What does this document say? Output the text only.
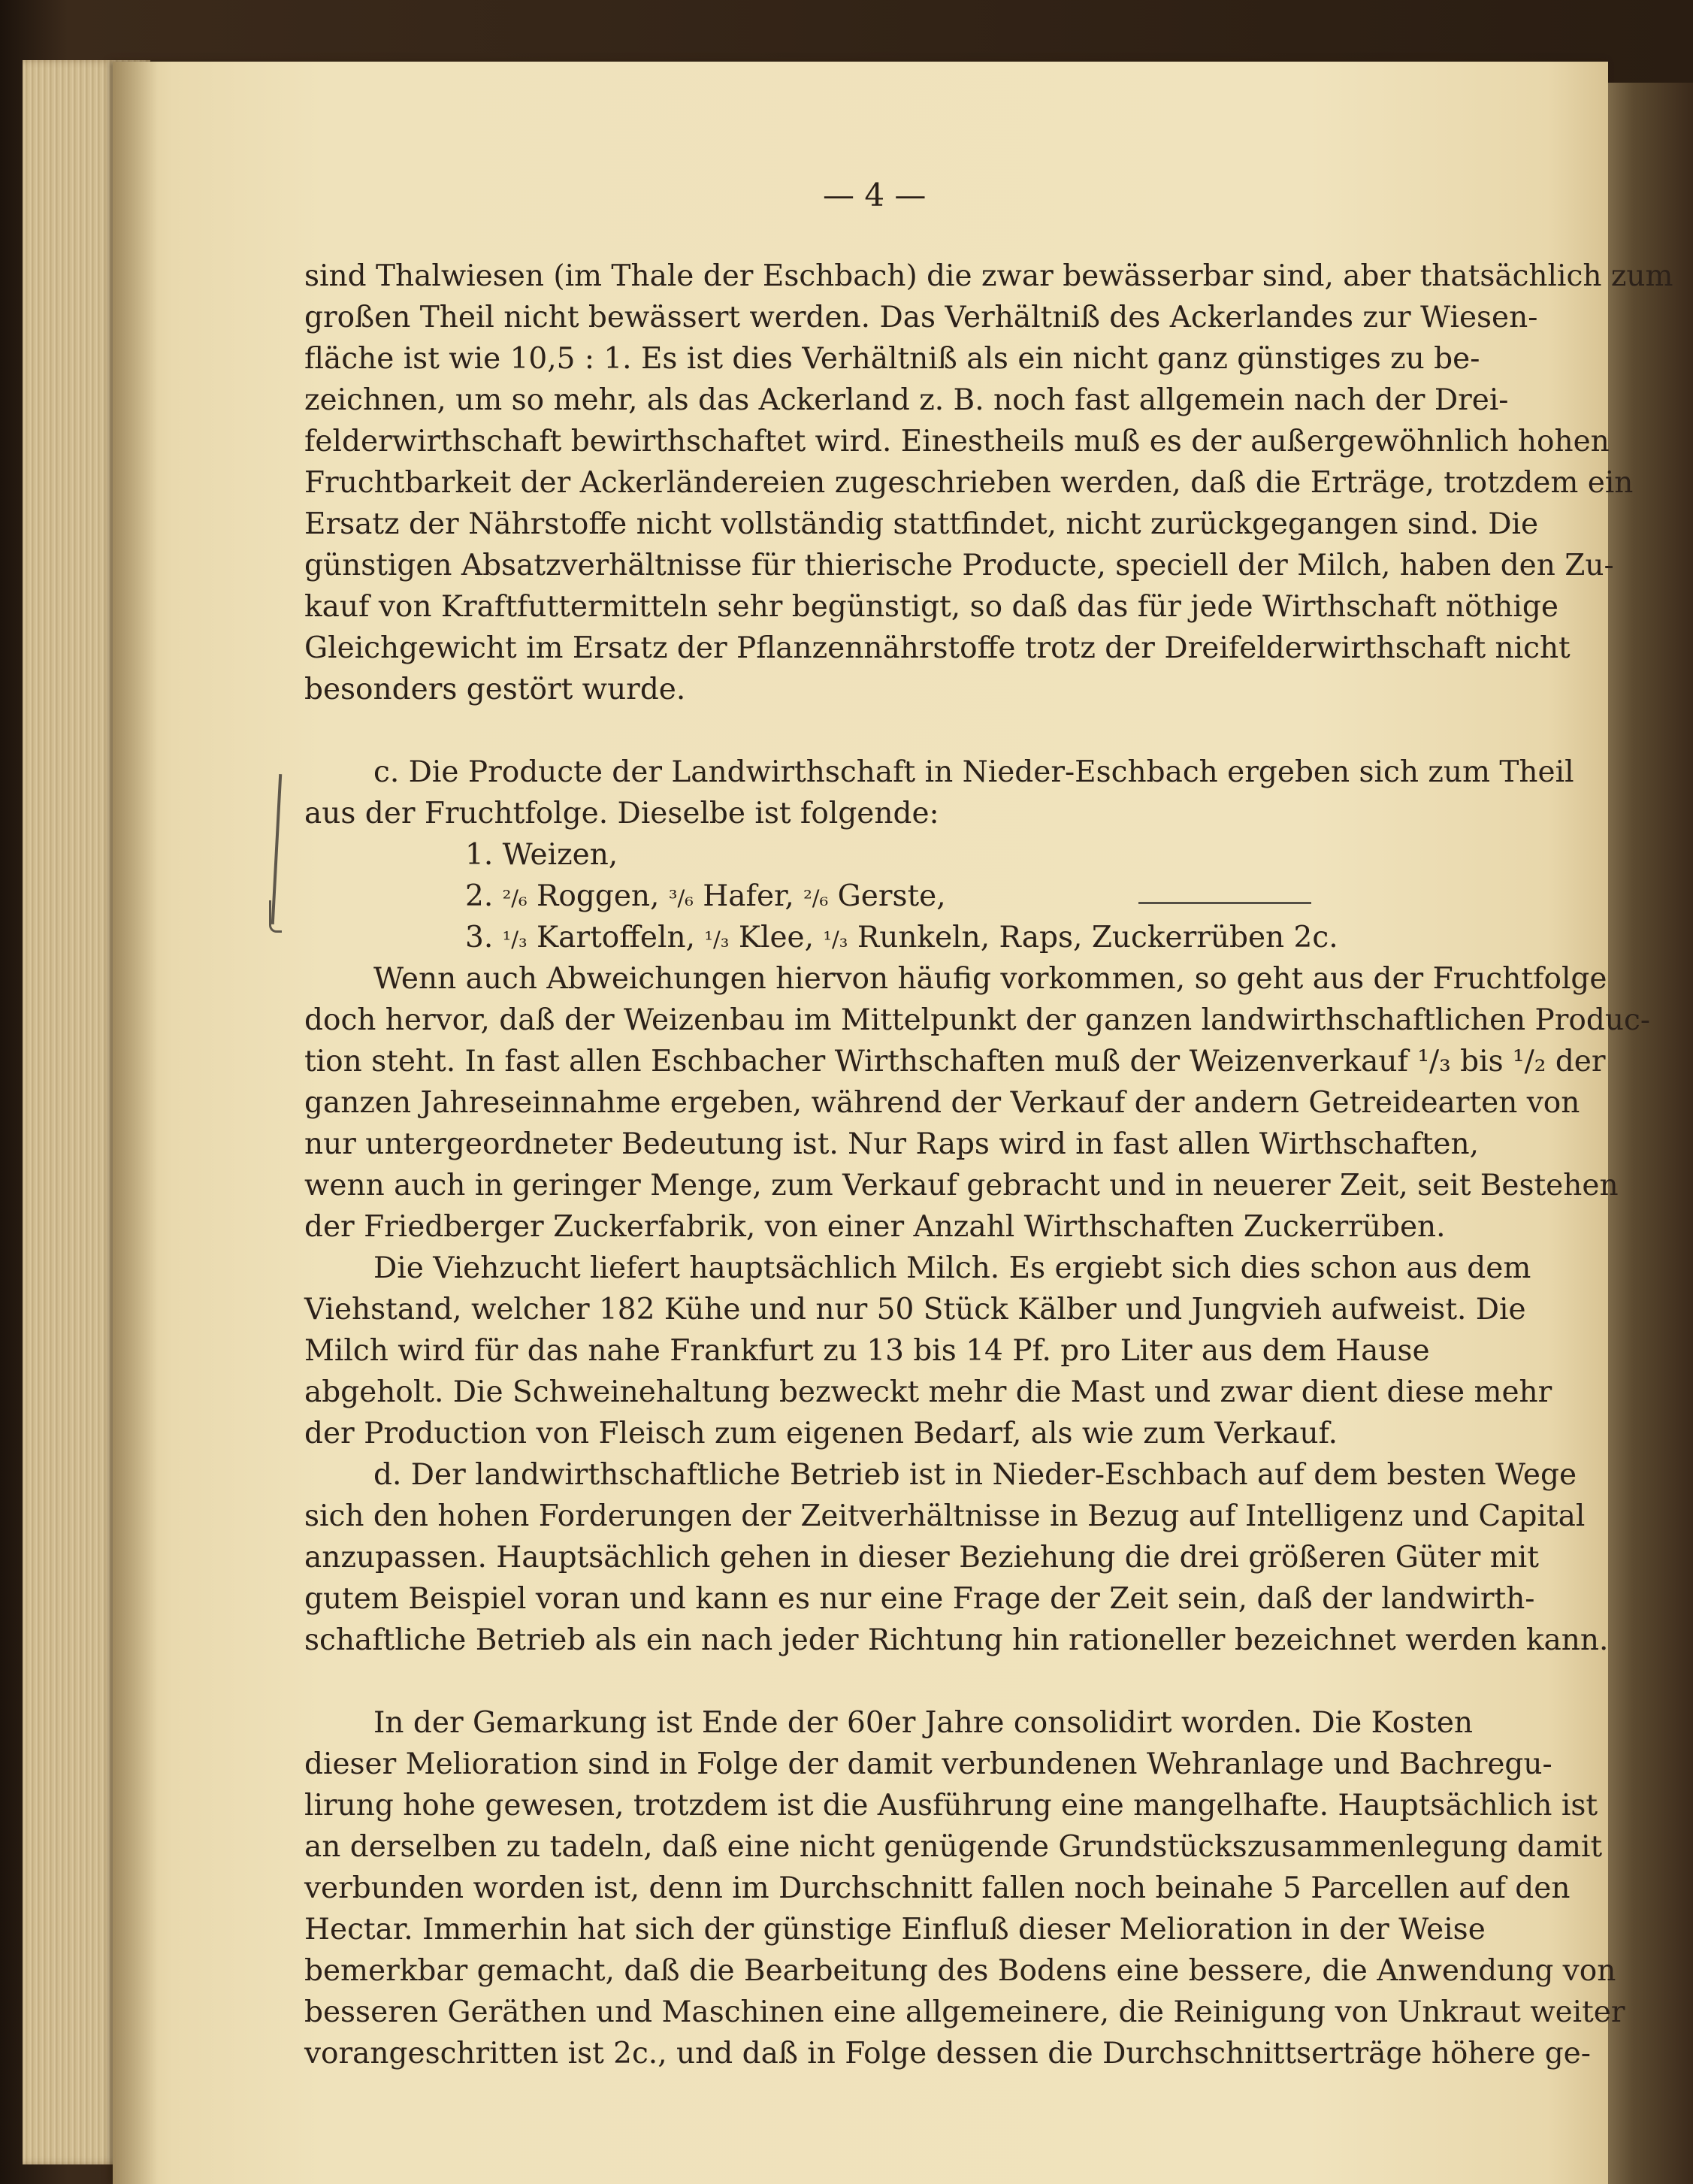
— 4 —
sind Thalwiesen (im Thale der Eschbach) die zwar bewässerbar sind, aber thatsächlich zum
großen Theil nicht bewässert werden. Das Verhältniß des Ackerlandes zur Wiesen-
fläche ist wie 10,5 : 1. Es ist dies Verhältniß als ein nicht ganz günstiges zu be-
zeichnen, um so mehr, als das Ackerland z. B. noch fast allgemein nach der Drei-
felderwirthschaft bewirthschaftet wird. Einestheils muß es der außergewöhnlich hohen
Fruchtbarkeit der Ackerländereien zugeschrieben werden, daß die Erträge, trotzdem ein
Ersatz der Nährstoffe nicht vollständig stattfindet, nicht zurückgegangen sind. Die
günstigen Absatzverhältnisse für thierische Producte, speciell der Milch, haben den Zu-
kauf von Kraftfuttermitteln sehr begünstigt, so daß das für jede Wirthschaft nöthige
Gleichgewicht im Ersatz der Pflanzennährstoffe trotz der Dreifelderwirthschaft nicht
besonders gestört wurde.
c. Die Producte der Landwirthschaft in Nieder-Eschbach ergeben sich zum Theil
aus der Fruchtfolge. Dieselbe ist folgende:
1. Weizen,
2. ²/₆ Roggen, ³/₆ Hafer, ²/₆ Gerste,
3. ¹/₃ Kartoffeln, ¹/₃ Klee, ¹/₃ Runkeln, Raps, Zuckerrüben 2c.
Wenn auch Abweichungen hiervon häufig vorkommen, so geht aus der Fruchtfolge
doch hervor, daß der Weizenbau im Mittelpunkt der ganzen landwirthschaftlichen Produc-
tion steht. In fast allen Eschbacher Wirthschaften muß der Weizenverkauf ¹/₃ bis ¹/₂ der
ganzen Jahreseinnahme ergeben, während der Verkauf der andern Getreidearten von
nur untergeordneter Bedeutung ist. Nur Raps wird in fast allen Wirthschaften,
wenn auch in geringer Menge, zum Verkauf gebracht und in neuerer Zeit, seit Bestehen
der Friedberger Zuckerfabrik, von einer Anzahl Wirthschaften Zuckerrüben.
Die Viehzucht liefert hauptsächlich Milch. Es ergiebt sich dies schon aus dem
Viehstand, welcher 182 Kühe und nur 50 Stück Kälber und Jungvieh aufweist. Die
Milch wird für das nahe Frankfurt zu 13 bis 14 Pf. pro Liter aus dem Hause
abgeholt. Die Schweinehaltung bezweckt mehr die Mast und zwar dient diese mehr
der Production von Fleisch zum eigenen Bedarf, als wie zum Verkauf.
d. Der landwirthschaftliche Betrieb ist in Nieder-Eschbach auf dem besten Wege
sich den hohen Forderungen der Zeitverhältnisse in Bezug auf Intelligenz und Capital
anzupassen. Hauptsächlich gehen in dieser Beziehung die drei größeren Güter mit
gutem Beispiel voran und kann es nur eine Frage der Zeit sein, daß der landwirth-
schaftliche Betrieb als ein nach jeder Richtung hin rationeller bezeichnet werden kann.
In der Gemarkung ist Ende der 60er Jahre consolidirt worden. Die Kosten
dieser Melioration sind in Folge der damit verbundenen Wehranlage und Bachregu-
lirung hohe gewesen, trotzdem ist die Ausführung eine mangelhafte. Hauptsächlich ist
an derselben zu tadeln, daß eine nicht genügende Grundstückszusammenlegung damit
verbunden worden ist, denn im Durchschnitt fallen noch beinahe 5 Parcellen auf den
Hectar. Immerhin hat sich der günstige Einfluß dieser Melioration in der Weise
bemerkbar gemacht, daß die Bearbeitung des Bodens eine bessere, die Anwendung von
besseren Geräthen und Maschinen eine allgemeinere, die Reinigung von Unkraut weiter
vorangeschritten ist 2c., und daß in Folge dessen die Durchschnittserträge höhere ge-
